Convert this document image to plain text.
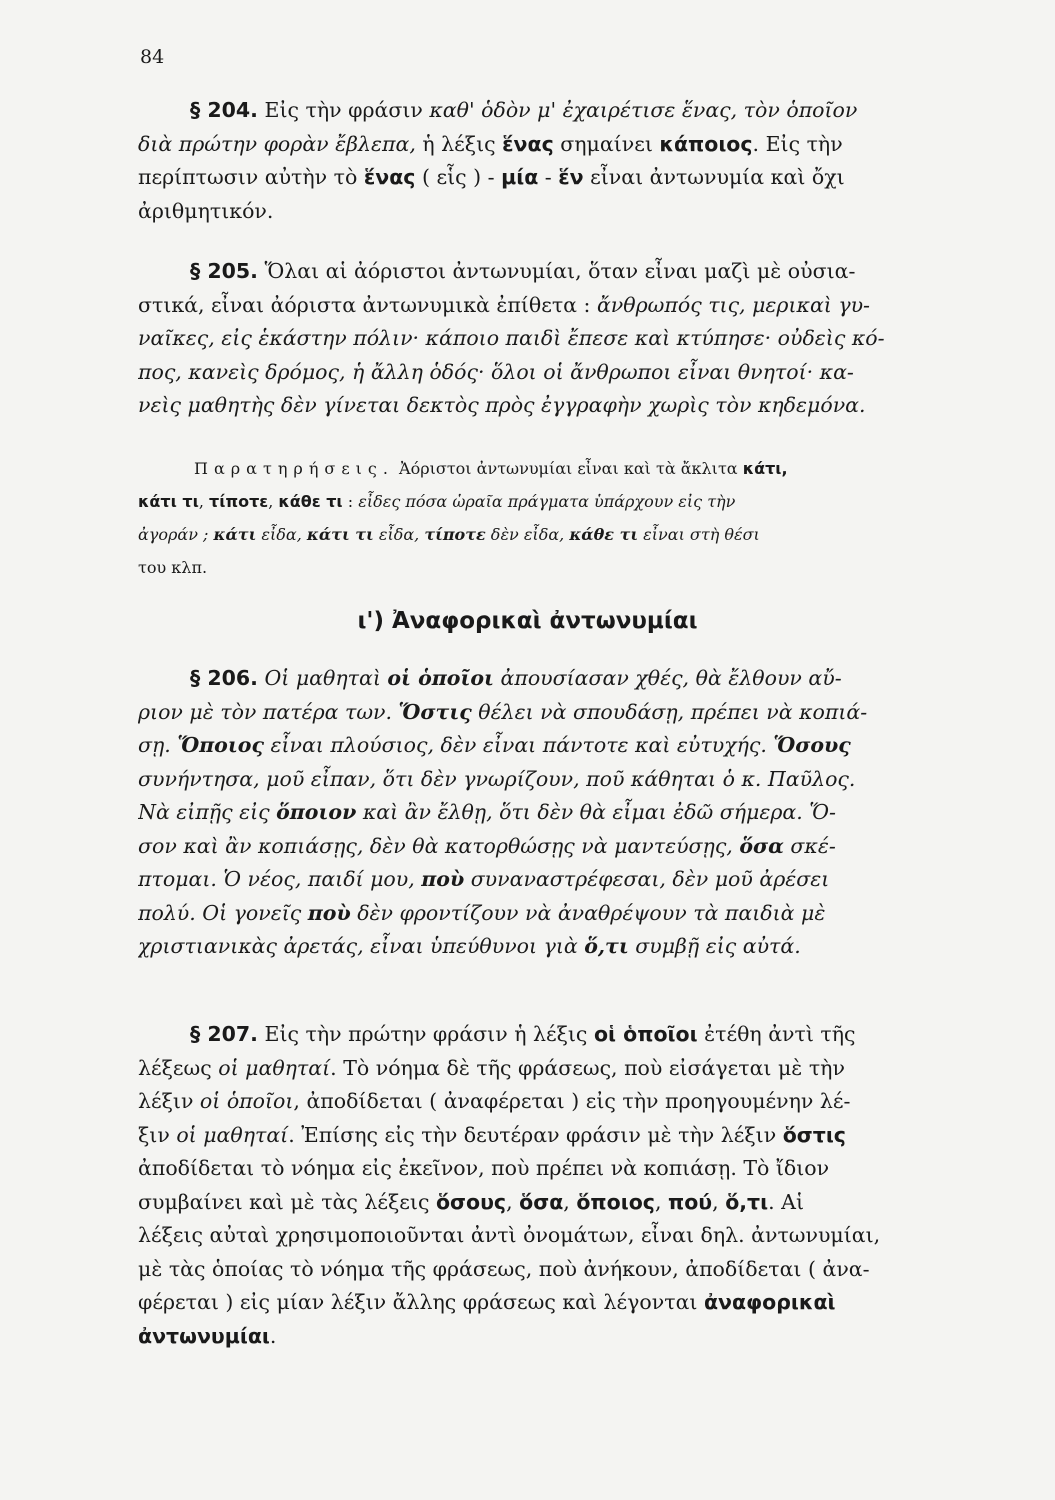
84
§ 204. Εἰς τὴν φράσιν καθ' ὁδὸν μ' ἐχαιρέτισε ἕνας, τὸν ὁποῖον
διὰ πρώτην φορὰν ἔβλεπα, ἡ λέξις ἕνας σημαίνει κάποιος. Εἰς τὴν
περίπτωσιν αὐτὴν τὸ ἕνας ( εἷς ) - μία - ἕν εἶναι ἀντωνυμία καὶ ὄχι
ἀριθμητικόν.
§ 205. Ὅλαι αἱ ἀόριστοι ἀντωνυμίαι, ὅταν εἶναι μαζὶ μὲ οὐσια-
στικά, εἶναι ἀόριστα ἀντωνυμικὰ ἐπίθετα : ἄνθρωπός τις, μερικαὶ γυ-
ναῖκες, εἰς ἑκάστην πόλιν· κάποιο παιδὶ ἔπεσε καὶ κτύπησε· οὐδεὶς κό-
πος, κανεὶς δρόμος, ἡ ἄλλη ὁδός· ὅλοι οἱ ἄνθρωποι εἶναι θνητοί· κα-
νεὶς μαθητὴς δὲν γίνεται δεκτὸς πρὸς ἐγγραφὴν χωρὶς τὸν κηδεμόνα.
Παρατηρήσεις. Ἀόριστοι ἀντωνυμίαι εἶναι καὶ τὰ ἄκλιτα κάτι,
κάτι τι, τίποτε, κάθε τι : εἶδες πόσα ὡραῖα πράγματα ὑπάρχουν εἰς τὴν
ἀγοράν ; κάτι εἶδα, κάτι τι εἶδα, τίποτε δὲν εἶδα, κάθε τι εἶναι στὴ θέσι
του κλπ.
ι') Ἀναφορικαὶ ἀντωνυμίαι
§ 206. Οἱ μαθηταὶ οἱ ὁποῖοι ἀπουσίασαν χθές, θὰ ἔλθουν αὔ-
ριον μὲ τὸν πατέρα των. Ὅστις θέλει νὰ σπουδάσῃ, πρέπει νὰ κοπιά-
σῃ. Ὅποιος εἶναι πλούσιος, δὲν εἶναι πάντοτε καὶ εὐτυχής. Ὅσους
συνήντησα, μοῦ εἶπαν, ὅτι δὲν γνωρίζουν, ποῦ κάθηται ὁ κ. Παῦλος.
Νὰ εἰπῇς εἰς ὅποιον καὶ ἂν ἔλθῃ, ὅτι δὲν θὰ εἶμαι ἐδῶ σήμερα. Ὅ-
σον καὶ ἂν κοπιάσῃς, δὲν θὰ κατορθώσῃς νὰ μαντεύσῃς, ὅσα σκέ-
πτομαι. Ὁ νέος, παιδί μου, ποὺ συναναστρέφεσαι, δὲν μοῦ ἀρέσει
πολύ. Οἱ γονεῖς ποὺ δὲν φροντίζουν νὰ ἀναθρέψουν τὰ παιδιὰ μὲ
χριστιανικὰς ἀρετάς, εἶναι ὑπεύθυνοι γιὰ ὅ,τι συμβῇ εἰς αὐτά.
§ 207. Εἰς τὴν πρώτην φράσιν ἡ λέξις οἱ ὁποῖοι ἐτέθη ἀντὶ τῆς
λέξεως οἱ μαθηταί. Τὸ νόημα δὲ τῆς φράσεως, ποὺ εἰσάγεται μὲ τὴν
λέξιν οἱ ὁποῖοι, ἀποδίδεται ( ἀναφέρεται ) εἰς τὴν προηγουμένην λέ-
ξιν οἱ μαθηταί. Ἐπίσης εἰς τὴν δευτέραν φράσιν μὲ τὴν λέξιν ὅστις
ἀποδίδεται τὸ νόημα εἰς ἐκεῖνον, ποὺ πρέπει νὰ κοπιάσῃ. Τὸ ἴδιον
συμβαίνει καὶ μὲ τὰς λέξεις ὅσους, ὅσα, ὅποιος, πού, ὅ,τι. Αἱ
λέξεις αὐταὶ χρησιμοποιοῦνται ἀντὶ ὀνομάτων, εἶναι δηλ. ἀντωνυμίαι,
μὲ τὰς ὁποίας τὸ νόημα τῆς φράσεως, ποὺ ἀνήκουν, ἀποδίδεται ( ἀνα-
φέρεται ) εἰς μίαν λέξιν ἄλλης φράσεως καὶ λέγονται ἀναφορικαὶ
ἀντωνυμίαι.
